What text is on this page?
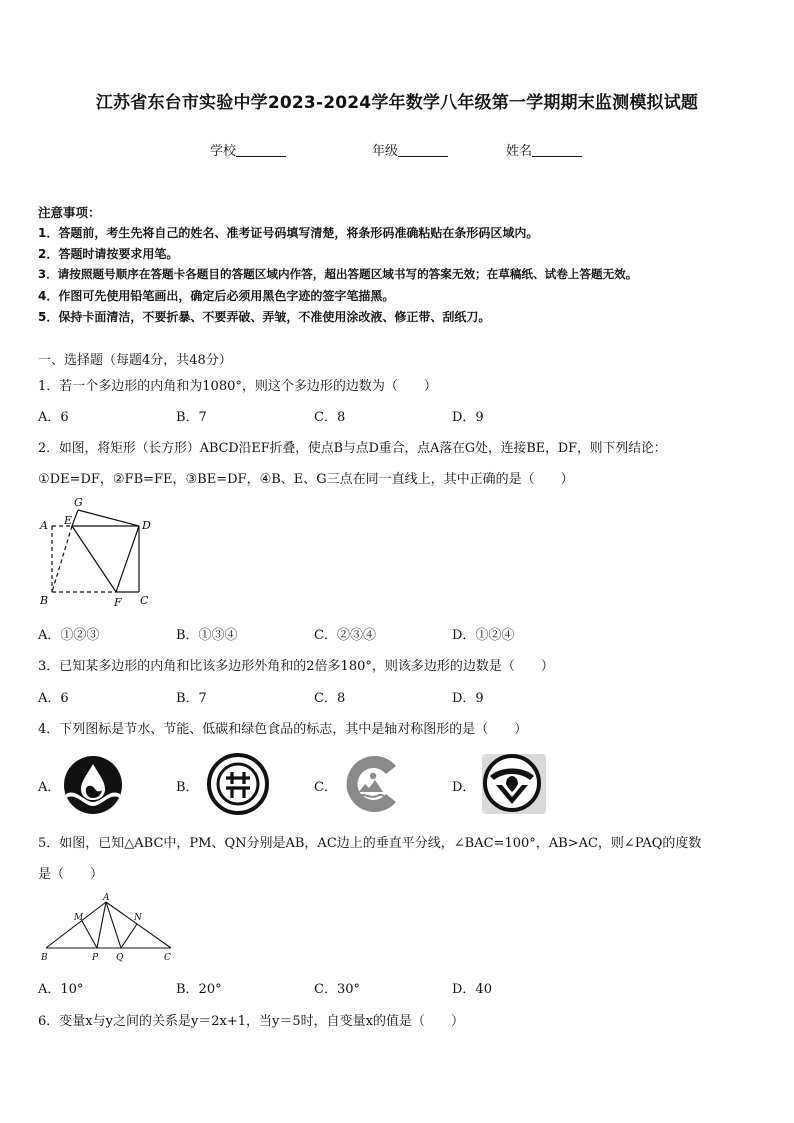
江苏省东台市实验中学2023-2024学年数学八年级第一学期期末监测模拟试题
学校	年级	姓名
注意事项：
1．答题前，考生先将自己的姓名、准考证号码填写清楚，将条形码准确粘贴在条形码区域内。
2．答题时请按要求用笔。
3．请按照题号顺序在答题卡各题目的答题区域内作答，超出答题区域书写的答案无效；在草稿纸、试卷上答题无效。
4．作图可先使用铅笔画出，确定后必须用黑色字迹的签字笔描黑。
5．保持卡面清洁，不要折暴、不要弄破、弄皱，不准使用涂改液、修正带、刮纸刀。
一、选择题（每题4分，共48分）
1．若一个多边形的内角和为1080°，则这个多边形的边数为（　　）
A．6	B．7	C．8	D．9
2．如图，将矩形（长方形）ABCD沿EF折叠，使点B与点D重合，点A落在G处，连接BE，DF，则下列结论：
①DE=DF，②FB=FE，③BE=DF，④B、E、G三点在同一直线上，其中正确的是（　　）
G
A E	D
B	F C
A．①②③	B．①③④	C．②③④	D．①②④
3．已知某多边形的内角和比该多边形外角和的2倍多180°，则该多边形的边数是（　　）
A．6	B．7	C．8	D．9
4．下列图标是节水、节能、低碳和绿色食品的标志，其中是轴对称图形的是（　　）
A．	B．	C．	D．
5．如图，已知△ABC中，PM、QN分别是AB，AC边上的垂直平分线，∠BAC=100°，AB>AC，则∠PAQ的度数
是（　　）
A
M	N
B	P Q	C
A．10°	B．20°	C．30°	D．40
6．变量x与y之间的关系是y＝2x+1，当y＝5时，自变量x的值是（　　）
